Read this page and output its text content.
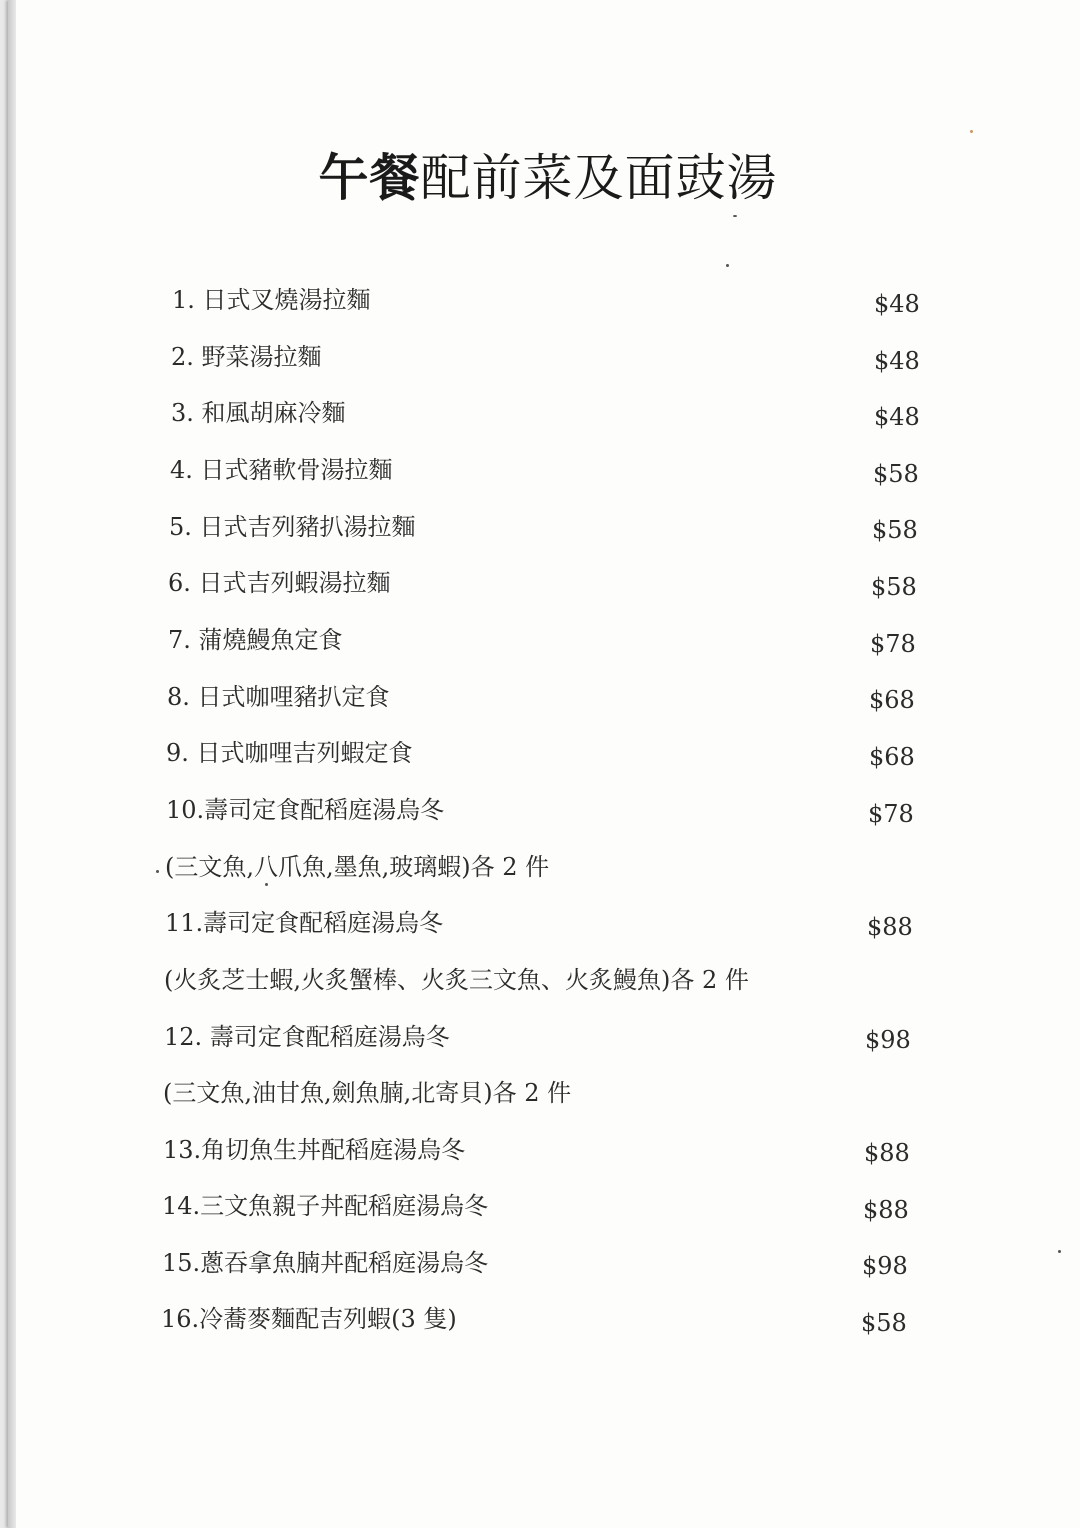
午餐配前菜及面豉湯
1. 日式叉燒湯拉麵	$48
2. 野菜湯拉麵	$48
3. 和風胡麻冷麵	$48
4. 日式豬軟骨湯拉麵	$58
5. 日式吉列豬扒湯拉麵	$58
6. 日式吉列蝦湯拉麵	$58
7. 蒲燒鰻魚定食	$78
8. 日式咖哩豬扒定食	$68
9. 日式咖哩吉列蝦定食	$68
10.壽司定食配稻庭湯烏冬	$78
(三文魚,八爪魚,墨魚,玻璃蝦)各 2 件
11.壽司定食配稻庭湯烏冬	$88
(火炙芝士蝦,火炙蟹棒、火炙三文魚、火炙鰻魚)各 2 件
12. 壽司定食配稻庭湯烏冬	$98
(三文魚,油甘魚,劍魚腩,北寄貝)各 2 件
13.角切魚生丼配稻庭湯烏冬	$88
14.三文魚親子丼配稻庭湯烏冬	$88
15.蔥吞拿魚腩丼配稻庭湯烏冬	$98
16.冷蕎麥麵配吉列蝦(3 隻)	$58
